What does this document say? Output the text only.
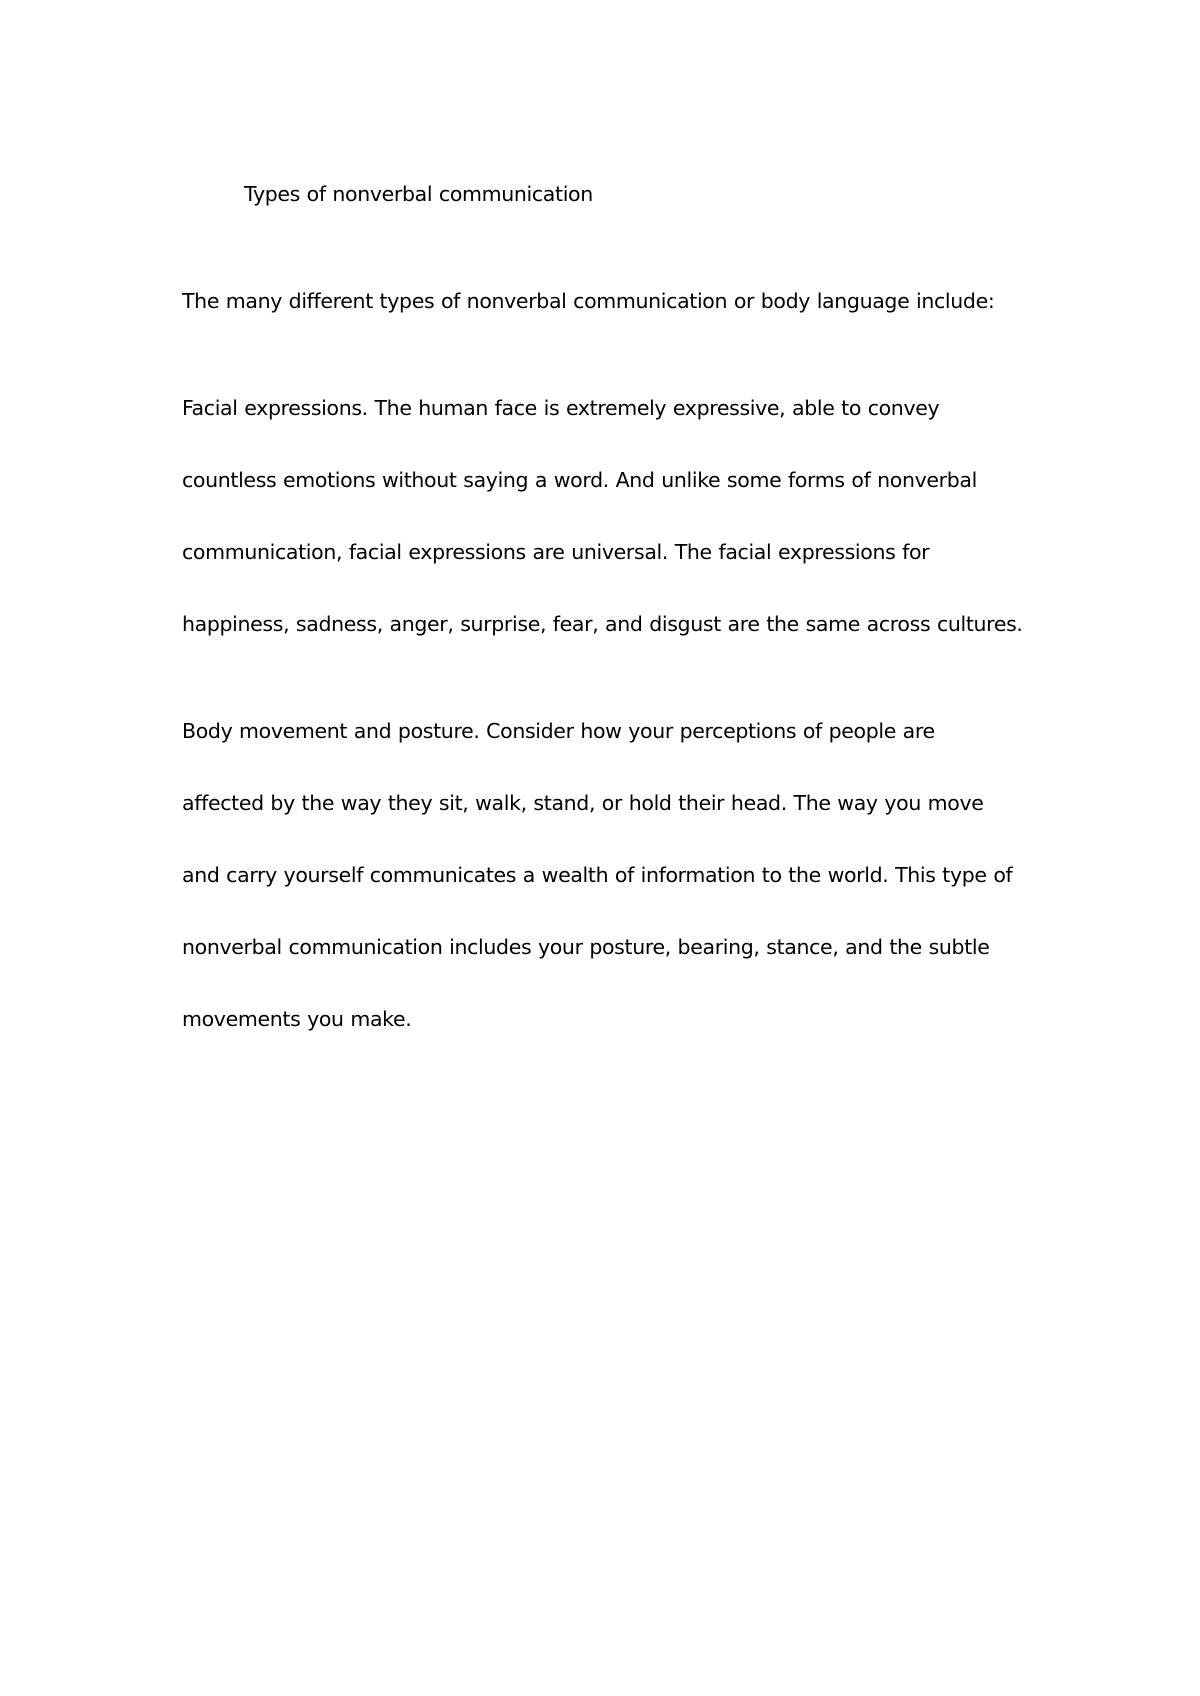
Types of nonverbal communication
The many different types of nonverbal communication or body language include:
Facial expressions. The human face is extremely expressive, able to convey
countless emotions without saying a word. And unlike some forms of nonverbal
communication, facial expressions are universal. The facial expressions for
happiness, sadness, anger, surprise, fear, and disgust are the same across cultures.
Body movement and posture. Consider how your perceptions of people are
affected by the way they sit, walk, stand, or hold their head. The way you move
and carry yourself communicates a wealth of information to the world. This type of
nonverbal communication includes your posture, bearing, stance, and the subtle
movements you make.
